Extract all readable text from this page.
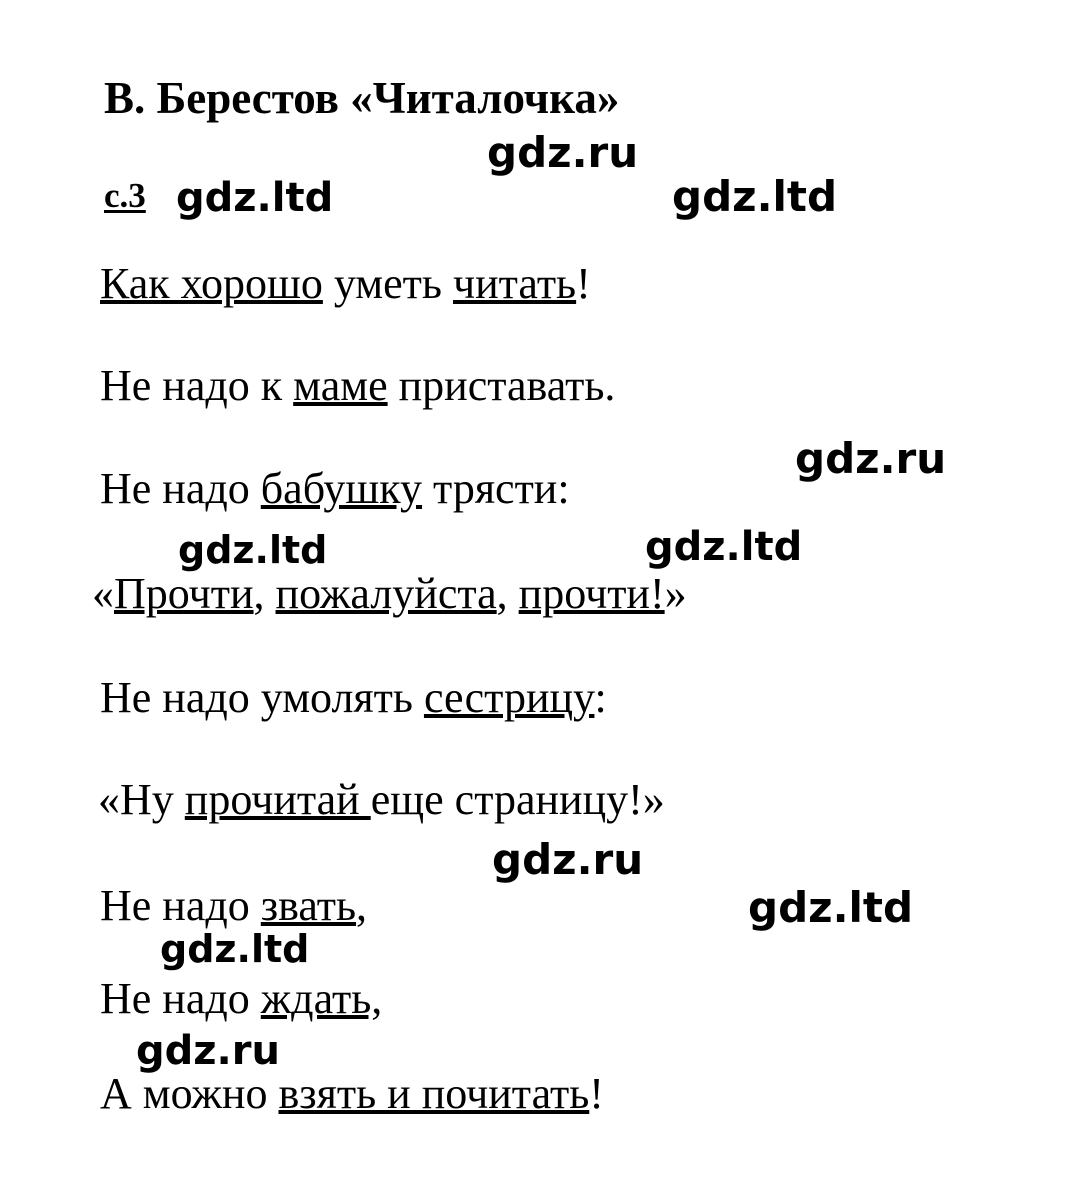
В. Берестов «Читалочка»
с.3

Как хорошо уметь читать!

Не надо к маме приставать.

Не надо бабушку трясти:

«Прочти, пожалуйста, прочти!»

Не надо умолять сестрицу:

«Ну прочитай еще страницу!»

Не надо звать,

Не надо ждать,

А можно взять и почитать!

gdz.ru
gdz.ltd	gdz.ltd
gdz.ru
gdz.ltd	gdz.ltd
gdz.ru
gdz.ltd
gdz.ltd
gdz.ru
